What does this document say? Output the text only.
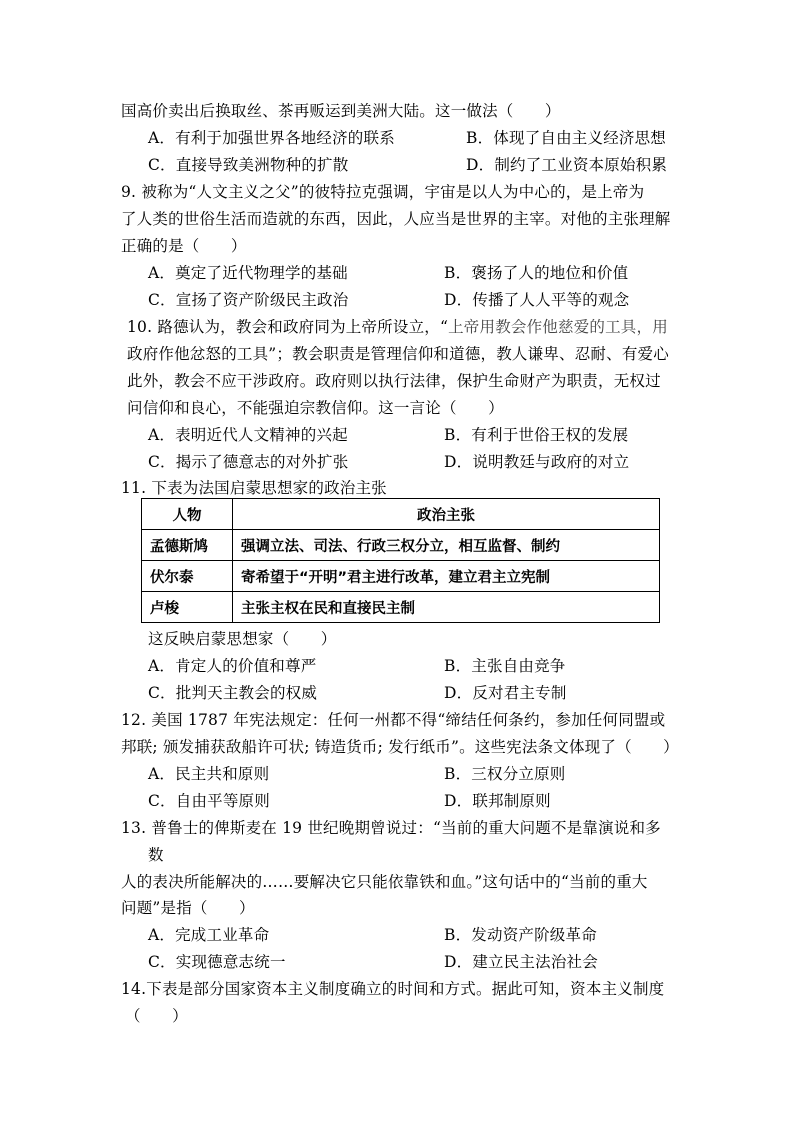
国高价卖出后换取丝、茶再贩运到美洲大陆。这一做法（　　）
A．有利于加强世界各地经济的联系	B．体现了自由主义经济思想
C．直接导致美洲物种的扩散	D．制约了工业资本原始积累
9. 被称为“人文主义之父”的彼特拉克强调，宇宙是以人为中心的，是上帝为
了人类的世俗生活而造就的东西，因此，人应当是世界的主宰。对他的主张理解
正确的是（　　）
A．奠定了近代物理学的基础	B．褒扬了人的地位和价值
C．宣扬了资产阶级民主政治	D．传播了人人平等的观念
10. 路德认为，教会和政府同为上帝所设立，“上帝用教会作他慈爱的工具，用
政府作他忿怒的工具”；教会职责是管理信仰和道德，教人谦卑、忍耐、有爱心
此外，教会不应干涉政府。政府则以执行法律，保护生命财产为职责，无权过
问信仰和良心，不能强迫宗教信仰。这一言论（　　）
A．表明近代人文精神的兴起	B．有利于世俗王权的发展
C．揭示了德意志的对外扩张	D．说明教廷与政府的对立
11. 下表为法国启蒙思想家的政治主张
人物	政治主张
孟德斯鸠	强调立法、司法、行政三权分立，相互监督、制约
伏尔泰	寄希望于“开明”君主进行改革，建立君主立宪制
卢梭	主张主权在民和直接民主制
这反映启蒙思想家（　　）
A．肯定人的价值和尊严	B．主张自由竞争
C．批判天主教会的权威	D．反对君主专制
12. 美国 1787 年宪法规定：任何一州都不得“缔结任何条约，参加任何同盟或
邦联; 颁发捕获敌船许可状; 铸造货币; 发行纸币”。这些宪法条文体现了（　　）
A．民主共和原则	B．三权分立原则
C．自由平等原则	D．联邦制原则
13. 普鲁士的俾斯麦在 19 世纪晚期曾说过：“当前的重大问题不是靠演说和多
数
人的表决所能解决的……要解决它只能依靠铁和血。”这句话中的“当前的重大
问题”是指（　　）
A．完成工业革命	B．发动资产阶级革命
C．实现德意志统一	D．建立民主法治社会
14.下表是部分国家资本主义制度确立的时间和方式。据此可知，资本主义制度
（　　）
